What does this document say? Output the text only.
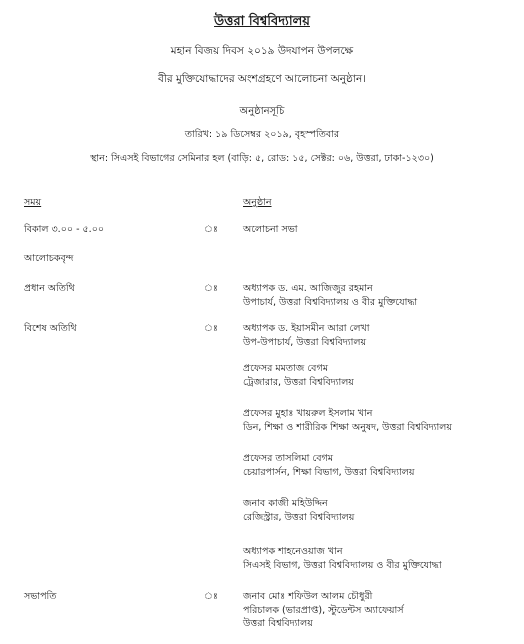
উত্তরা বিশ্ববিদ্যালয়
মহান বিজয় দিবস ২০১৯ উদযাপন উপলক্ষে
বীর মুক্তিযোদ্ধাদের অংশগ্রহণে আলোচনা অনুষ্ঠান।
অনুষ্ঠানসূচি
তারিখ: ১৯ ডিসেম্বর ২০১৯, বৃহস্পতিবার
স্থান: সিএসই বিভাগের সেমিনার হল (বাড়ি: ৫, রোড: ১৫, সেক্টর: ০৬, উত্তরা, ঢাকা-১২৩০)
সময়	অনুষ্ঠান
বিকাল ৩.০০ - ৫.০০	ঃ	অলোচনা সভা
আলোচকবৃন্দ
প্রধান অতিথি	ঃ	অধ্যাপক ড. এম. আজিজুর রহমান
উপাচার্য, উত্তরা বিশ্ববিদ্যালয় ও বীর মুক্তিযোদ্ধা
বিশেষ অতিথি	ঃ	অধ্যাপক ড. ইয়াসমীন আরা লেখা
উপ-উপাচার্য, উত্তরা বিশ্ববিদ্যালয়
প্রফেসর মমতাজ বেগম
ট্রেজারার, উত্তরা বিশ্ববিদ্যালয়
প্রফেসর মুহাঃ খায়রুল ইসলাম খান
ডিন, শিক্ষা ও শারীরিক শিক্ষা অনুষদ, উত্তরা বিশ্ববিদ্যালয়
প্রফেসর তাসলিমা বেগম
চেয়ারপার্সন, শিক্ষা বিভাগ, উত্তরা বিশ্ববিদ্যালয়
জনাব কাজী মহিউদ্দিন
রেজিস্ট্রার, উত্তরা বিশ্ববিদ্যালয়
অধ্যাপক শাহনেওয়াজ খান
সিএসই বিভাগ, উত্তরা বিশ্ববিদ্যালয় ও বীর মুক্তিযোদ্ধা
সভাপতি	ঃ	জনাব মোঃ শফিউল আলম চৌধুরী
পরিচালক (ভারপ্রাপ্ত), স্টুডেন্টস অ্যাফেয়ার্স
উত্তরা বিশ্ববিদ্যালয়
